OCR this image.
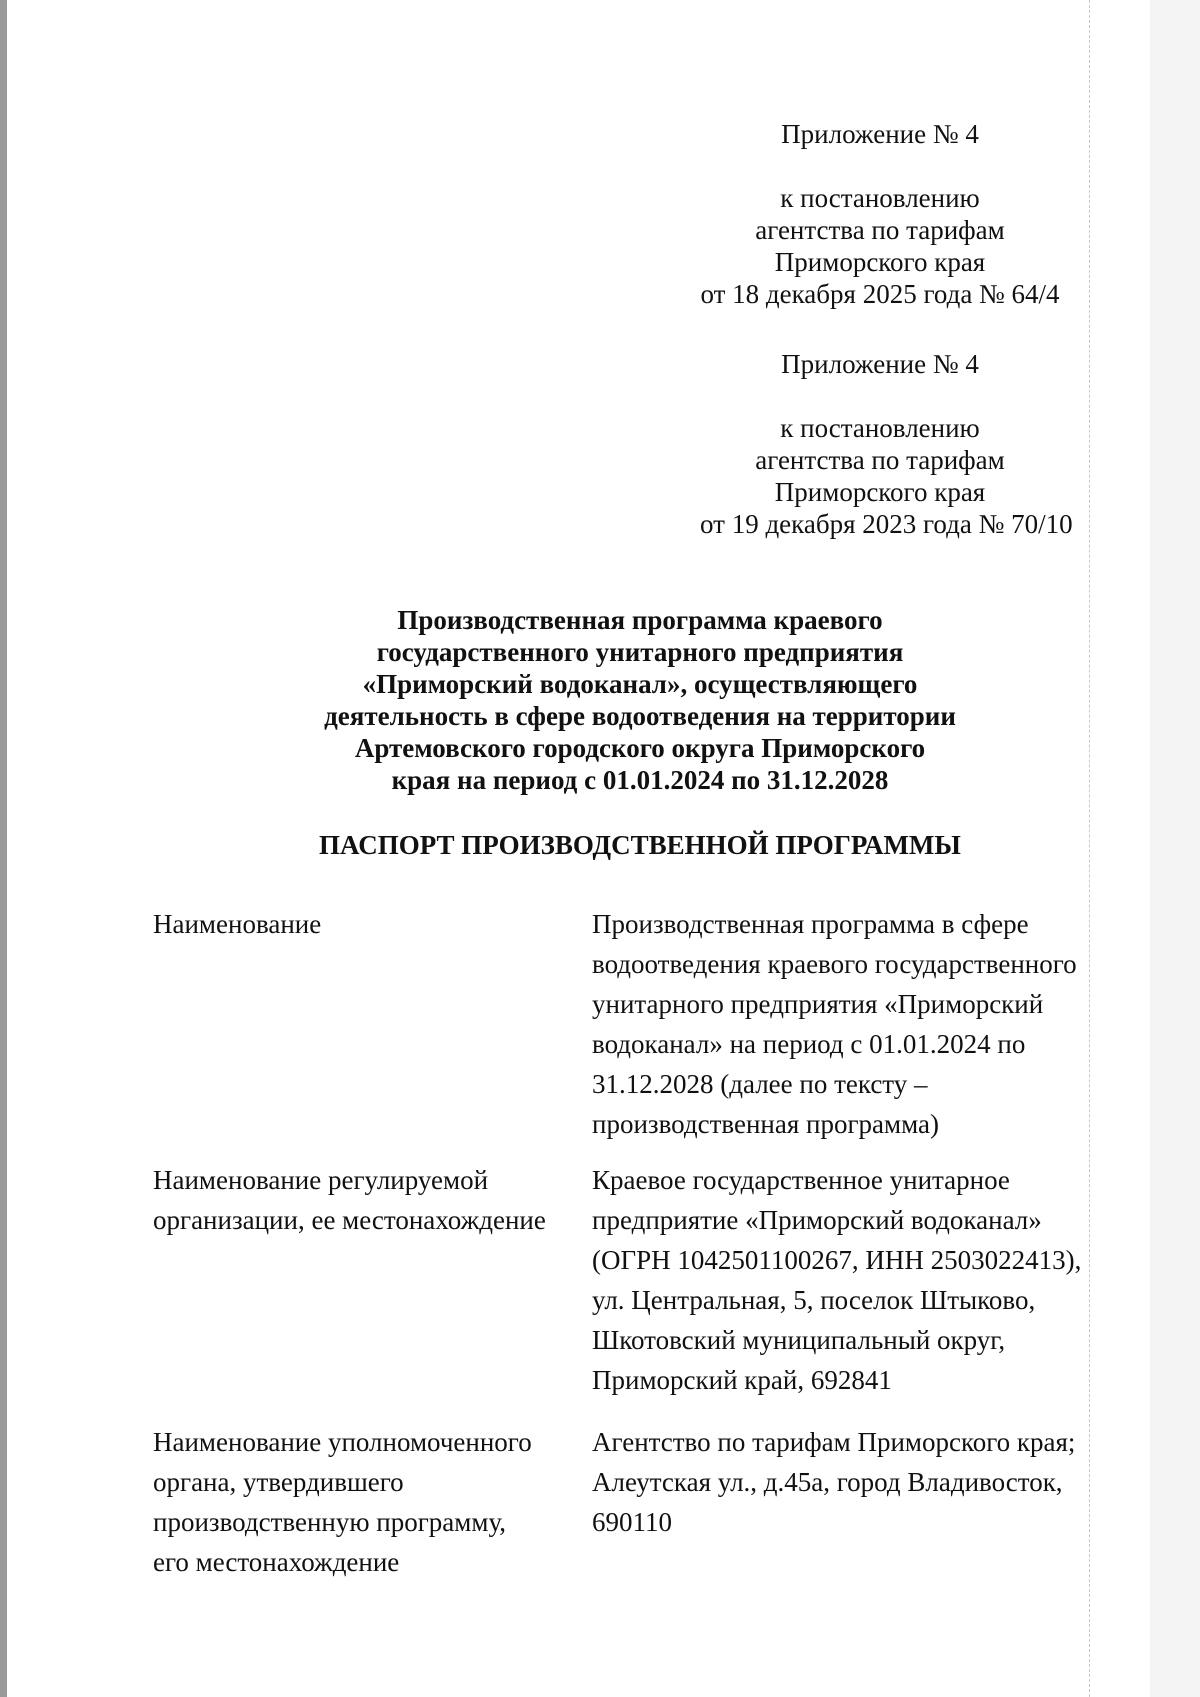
Приложение № 4
к постановлению
агентства по тарифам
Приморского края
от 18 декабря 2025 года № 64/4
Приложение № 4
к постановлению
агентства по тарифам
Приморского края
от 19 декабря 2023 года № 70/10
Производственная программа краевого
государственного унитарного предприятия
«Приморский водоканал», осуществляющего
деятельность в сфере водоотведения на территории
Артемовского городского округа Приморского
края на период с 01.01.2024 по 31.12.2028
ПАСПОРТ ПРОИЗВОДСТВЕННОЙ ПРОГРАММЫ
Наименование	Производственная программа в сфере
водоотведения краевого государственного
унитарного предприятия «Приморский
водоканал» на период с 01.01.2024 по
31.12.2028 (далее по тексту –
производственная программа)
Наименование регулируемой
организации, ее местонахождение
Краевое государственное унитарное
предприятие «Приморский водоканал»
(ОГРН 1042501100267, ИНН 2503022413),
ул. Центральная, 5, поселок Штыково,
Шкотовский муниципальный округ,
Приморский край, 692841
Наименование уполномоченного
органа, утвердившего
производственную программу,
его местонахождение
Агентство по тарифам Приморского края;
Алеутская ул., д.45а, город Владивосток,
690110
